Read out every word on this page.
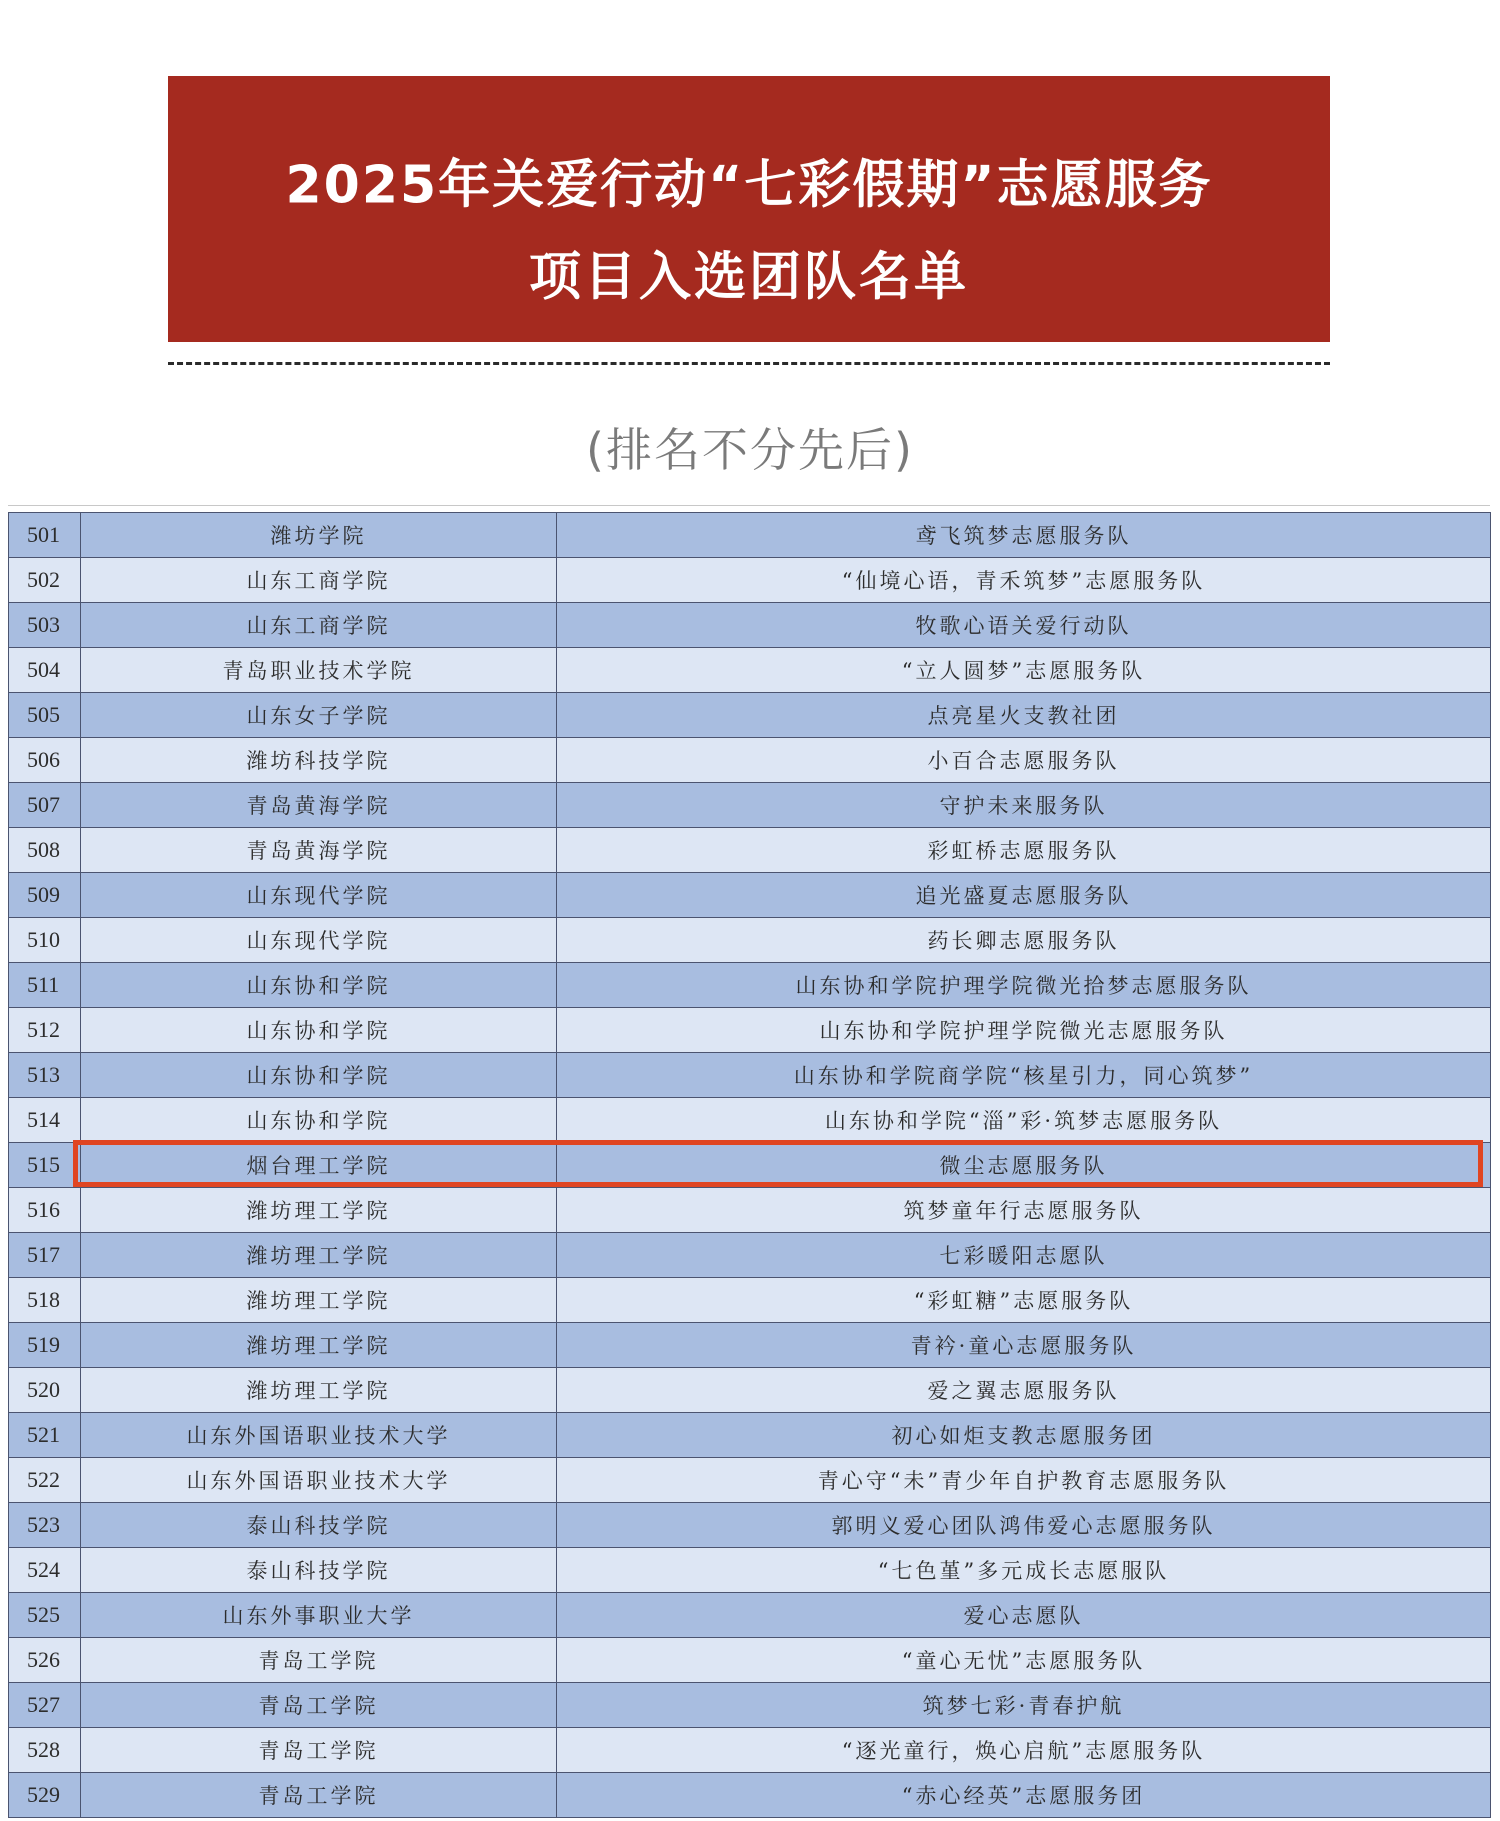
2025年关爱行动“七彩假期”志愿服务
项目入选团队名单
(排名不分先后)
501	潍坊学院	鸢飞筑梦志愿服务队
502	山东工商学院	“仙境心语，青禾筑梦”志愿服务队
503	山东工商学院	牧歌心语关爱行动队
504	青岛职业技术学院	“立人圆梦”志愿服务队
505	山东女子学院	点亮星火支教社团
506	潍坊科技学院	小百合志愿服务队
507	青岛黄海学院	守护未来服务队
508	青岛黄海学院	彩虹桥志愿服务队
509	山东现代学院	追光盛夏志愿服务队
510	山东现代学院	药长卿志愿服务队
511	山东协和学院	山东协和学院护理学院微光拾梦志愿服务队
512	山东协和学院	山东协和学院护理学院微光志愿服务队
513	山东协和学院	山东协和学院商学院“核星引力，同心筑梦”
514	山东协和学院	山东协和学院“淄”彩·筑梦志愿服务队
515	烟台理工学院	微尘志愿服务队
516	潍坊理工学院	筑梦童年行志愿服务队
517	潍坊理工学院	七彩暖阳志愿队
518	潍坊理工学院	“彩虹糖”志愿服务队
519	潍坊理工学院	青衿·童心志愿服务队
520	潍坊理工学院	爱之翼志愿服务队
521	山东外国语职业技术大学	初心如炬支教志愿服务团
522	山东外国语职业技术大学	青心守“未”青少年自护教育志愿服务队
523	泰山科技学院	郭明义爱心团队鸿伟爱心志愿服务队
524	泰山科技学院	“七色堇”多元成长志愿服队
525	山东外事职业大学	爱心志愿队
526	青岛工学院	“童心无忧”志愿服务队
527	青岛工学院	筑梦七彩·青春护航
528	青岛工学院	“逐光童行，焕心启航”志愿服务队
529	青岛工学院	“赤心经英”志愿服务团
